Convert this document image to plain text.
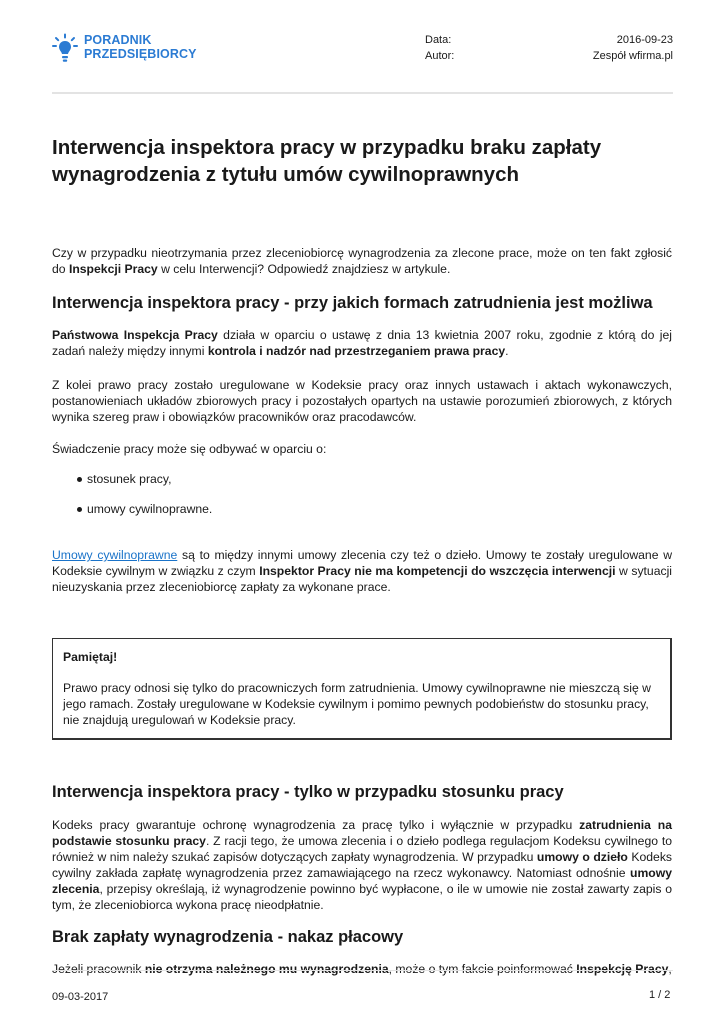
PORADNIK
PRZEDSIĘBIORCY
Data:	2016-09-23
Autor:	Zespół wfirma.pl
Interwencja inspektora pracy w przypadku braku zapłaty
wynagrodzenia z tytułu umów cywilnoprawnych

Czy w przypadku nieotrzymania przez zleceniobiorcę wynagrodzenia za zlecone prace, może on ten fakt zgłosić do Inspekcji Pracy w celu Interwencji? Odpowiedź znajdziesz w artykule.

Interwencja inspektora pracy - przy jakich formach zatrudnienia jest możliwa

Państwowa Inspekcja Pracy działa w oparciu o ustawę z dnia 13 kwietnia 2007 roku, zgodnie z którą do jej zadań należy między innymi kontrola i nadzór nad przestrzeganiem prawa pracy.

Z kolei prawo pracy zostało uregulowane w Kodeksie pracy oraz innych ustawach i aktach wykonawczych, postanowieniach układów zbiorowych pracy i pozostałych opartych na ustawie porozumień zbiorowych, z których wynika szereg praw i obowiązków pracowników oraz pracodawców.

Świadczenie pracy może się odbywać w oparciu o:

stosunek pracy,
umowy cywilnoprawne.

Umowy cywilnoprawne są to między innymi umowy zlecenia czy też o dzieło. Umowy te zostały uregulowane w Kodeksie cywilnym w związku z czym Inspektor Pracy nie ma kompetencji do wszczęcia interwencji w sytuacji nieuzyskania przez zleceniobiorcę zapłaty za wykonane prace.

Pamiętaj!

Prawo pracy odnosi się tylko do pracowniczych form zatrudnienia. Umowy cywilnoprawne nie mieszczą się w jego ramach. Zostały uregulowane w Kodeksie cywilnym i pomimo pewnych podobieństw do stosunku pracy, nie znajdują uregulowań w Kodeksie pracy.

Interwencja inspektora pracy - tylko w przypadku stosunku pracy

Kodeks pracy gwarantuje ochronę wynagrodzenia za pracę tylko i wyłącznie w przypadku zatrudnienia na podstawie stosunku pracy. Z racji tego, że umowa zlecenia i o dzieło podlega regulacjom Kodeksu cywilnego to również w nim należy szukać zapisów dotyczących zapłaty wynagrodzenia. W przypadku umowy o dzieło Kodeks cywilny zakłada zapłatę wynagrodzenia przez zamawiającego na rzecz wykonawcy. Natomiast odnośnie umowy zlecenia, przepisy określają, iż wynagrodzenie powinno być wypłacone, o ile w umowie nie został zawarty zapis o tym, że zleceniobiorca wykona pracę nieodpłatnie.

Brak zapłaty wynagrodzenia - nakaz płacowy

Jeżeli pracownik nie otrzyma należnego mu wynagrodzenia, może o tym fakcie poinformować Inspekcję Pracy,

09-03-2017	1 / 2
